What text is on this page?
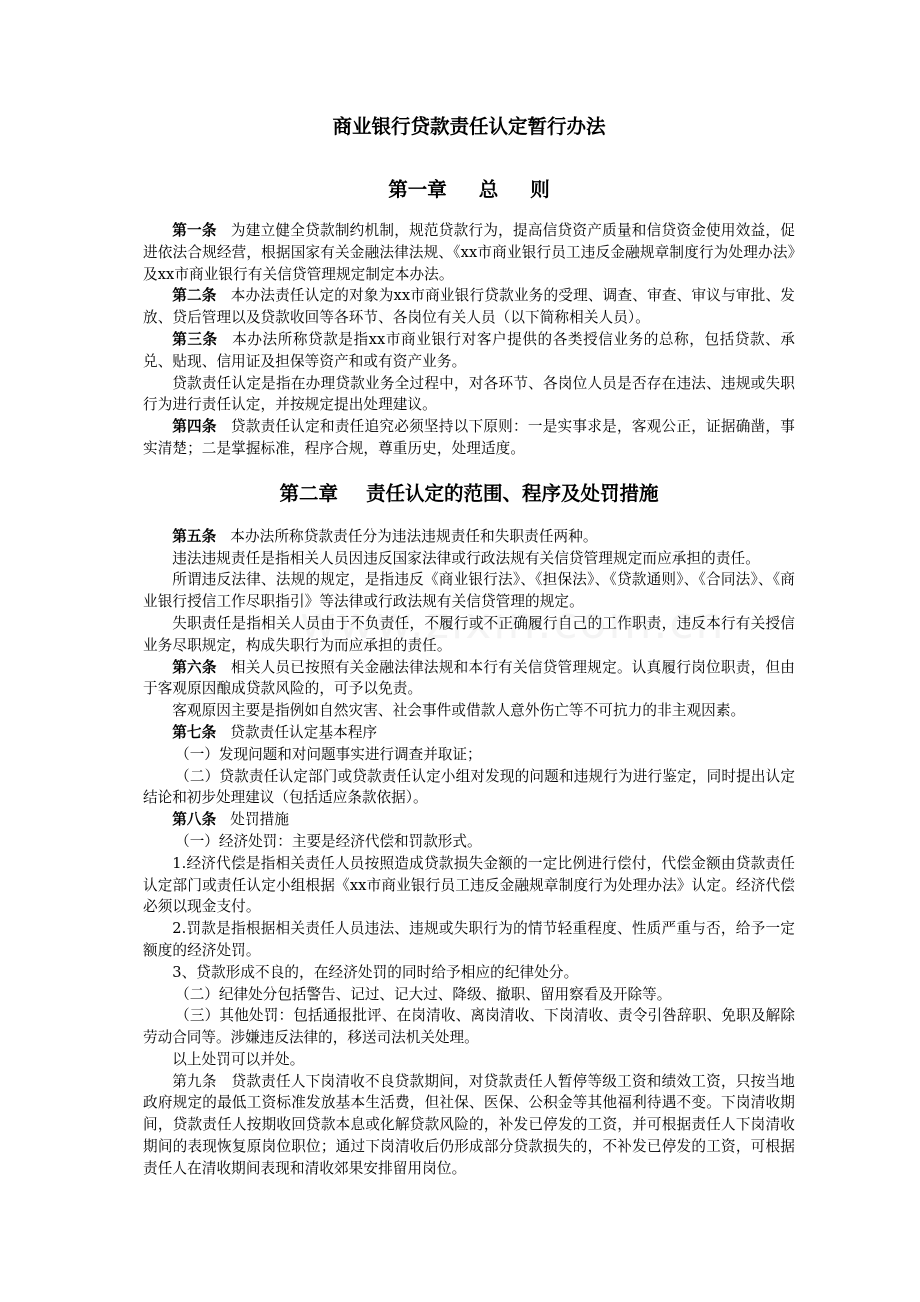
商业银行贷款责任认定暂行办法
第一章 总 则

第一条 为建立健全贷款制约机制，规范贷款行为，提高信贷资产质量和信贷资金使用效益，促进依法合规经营，根据国家有关金融法律法规、《xx市商业银行员工违反金融规章制度行为处理办法》及xx市商业银行有关信贷管理规定制定本办法。

第二条 本办法责任认定的对象为xx市商业银行贷款业务的受理、调查、审查、审议与审批、发放、贷后管理以及贷款收回等各环节、各岗位有关人员（以下简称相关人员）。

第三条 本办法所称贷款是指xx市商业银行对客户提供的各类授信业务的总称，包括贷款、承兑、贴现、信用证及担保等资产和或有资产业务。

贷款责任认定是指在办理贷款业务全过程中，对各环节、各岗位人员是否存在违法、违规或失职行为进行责任认定，并按规定提出处理建议。

第四条 贷款责任认定和责任追究必须坚持以下原则：一是实事求是，客观公正，证据确凿，事实清楚；二是掌握标准，程序合规，尊重历史，处理适度。

第二章 责任认定的范围、程序及处罚措施

第五条 本办法所称贷款责任分为违法违规责任和失职责任两种。

违法违规责任是指相关人员因违反国家法律或行政法规有关信贷管理规定而应承担的责任。

所谓违反法律、法规的规定，是指违反《商业银行法》、《担保法》、《贷款通则》、《合同法》、《商业银行授信工作尽职指引》等法律或行政法规有关信贷管理的规定。

失职责任是指相关人员由于不负责任，不履行或不正确履行自己的工作职责，违反本行有关授信业务尽职规定，构成失职行为而应承担的责任。

第六条 相关人员已按照有关金融法律法规和本行有关信贷管理规定。认真履行岗位职责，但由于客观原因酿成贷款风险的，可予以免责。

客观原因主要是指例如自然灾害、社会事件或借款人意外伤亡等不可抗力的非主观因素。

第七条 贷款责任认定基本程序

（一）发现问题和对问题事实进行调查并取证；

（二）贷款责任认定部门或贷款责任认定小组对发现的问题和违规行为进行鉴定，同时提出认定结论和初步处理建议（包括适应条款依据）。

第八条 处罚措施

（一）经济处罚：主要是经济代偿和罚款形式。

1.经济代偿是指相关责任人员按照造成贷款损失金额的一定比例进行偿付，代偿金额由贷款责任认定部门或责任认定小组根据《xx市商业银行员工违反金融规章制度行为处理办法》认定。经济代偿必须以现金支付。

2.罚款是指根据相关责任人员违法、违规或失职行为的情节轻重程度、性质严重与否，给予一定额度的经济处罚。

3、贷款形成不良的，在经济处罚的同时给予相应的纪律处分。

（二）纪律处分包括警告、记过、记大过、降级、撤职、留用察看及开除等。

（三）其他处罚：包括通报批评、在岗清收、离岗清收、下岗清收、责令引咎辞职、免职及解除劳动合同等。涉嫌违反法律的，移送司法机关处理。

以上处罚可以并处。

第九条　贷款责任人下岗清收不良贷款期间，对贷款责任人暂停等级工资和绩效工资，只按当地政府规定的最低工资标准发放基本生活费，但社保、医保、公积金等其他福利待遇不变。下岗清收期间，贷款责任人按期收回贷款本息或化解贷款风险的，补发已停发的工资，并可根据责任人下岗清收期间的表现恢复原岗位职位；通过下岗清收后仍形成部分贷款损失的，不补发已停发的工资，可根据责任人在清收期间表现和清收郊果安排留用岗位。
